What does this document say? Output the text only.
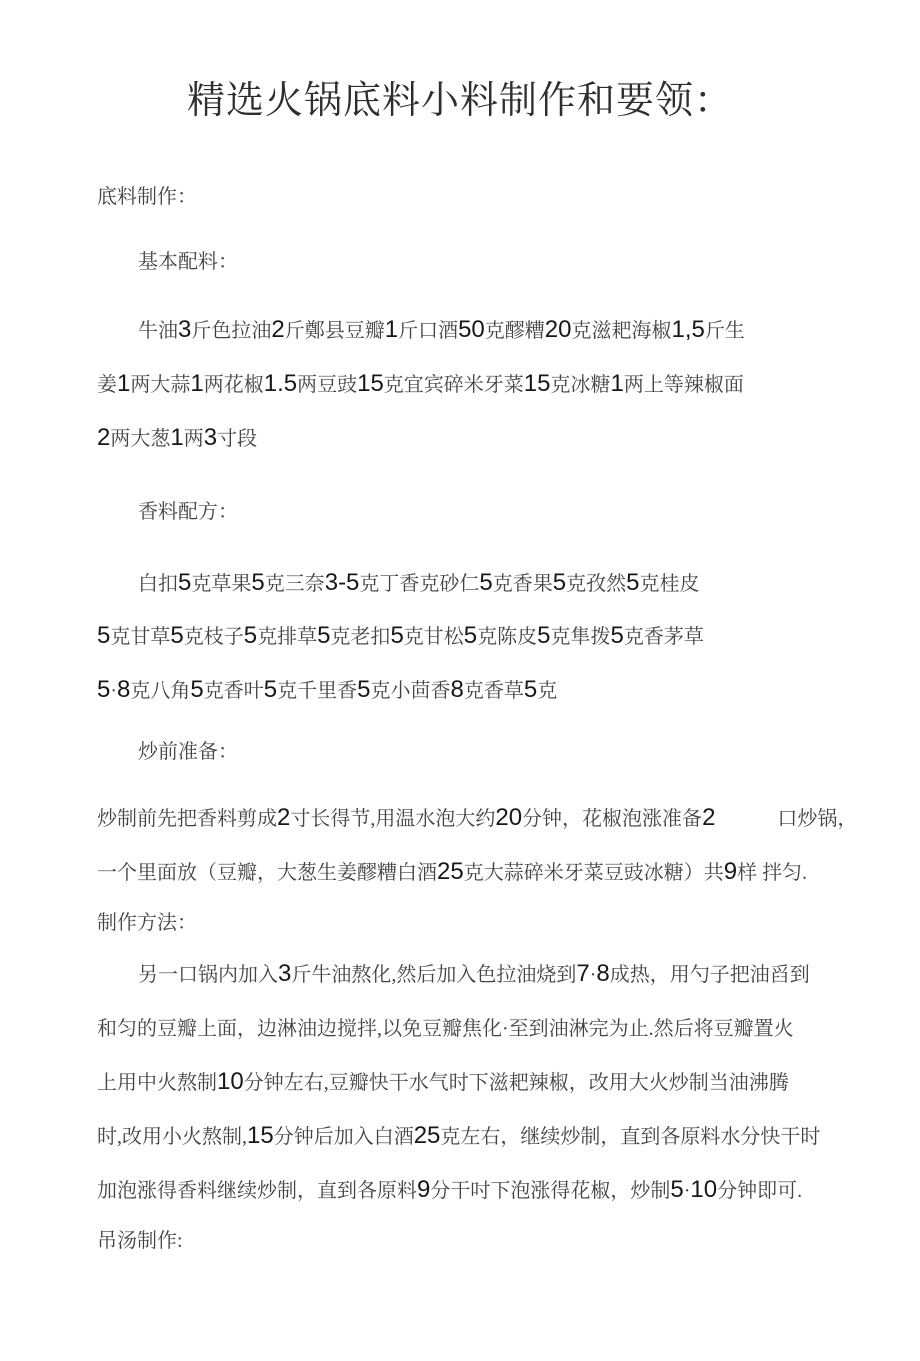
精选火锅底料小料制作和要领：
底料制作：
基本配料：
牛油3斤色拉油2斤鄭县豆瓣1斤口酒50克醪糟20克滋耙海椒1,5斤生
姜1两大蒜1两花椒1.5两豆豉15克宜宾碎米牙菜15克冰糖1两上等辣椒面
2两大葱1两3寸段
香料配方：
白扣5克草果5克三奈3-5克丁香克砂仁5克香果5克孜然5克桂皮
5克甘草5克枝子5克排草5克老扣5克甘松5克陈皮5克隼拨5克香茅草
5·8克八角5克香叶5克千里香5克小茴香8克香草5克
炒前准备：
炒制前先把香料剪成2寸长得节,用温水泡大约20分钟，花椒泡涨准备2	口炒锅，
一个里面放（豆瓣，大葱生姜醪糟白酒25克大蒜碎米牙菜豆豉冰糖）共9样 拌匀.
制作方法：
另一口锅内加入3斤牛油熬化,然后加入色拉油烧到7·8成热，用勺子把油舀到
和匀的豆瓣上面，边淋油边搅拌,以免豆瓣焦化·至到油淋完为止.然后将豆瓣置火
上用中火熬制10分钟左右,豆瓣快干水气时下滋耙辣椒，改用大火炒制当油沸腾
时,改用小火熬制,15分钟后加入白酒25克左右，继续炒制，直到各原料水分快干时
加泡涨得香料继续炒制，直到各原料9分干吋下泡涨得花椒，炒制5·10分钟即可.
吊汤制作:
